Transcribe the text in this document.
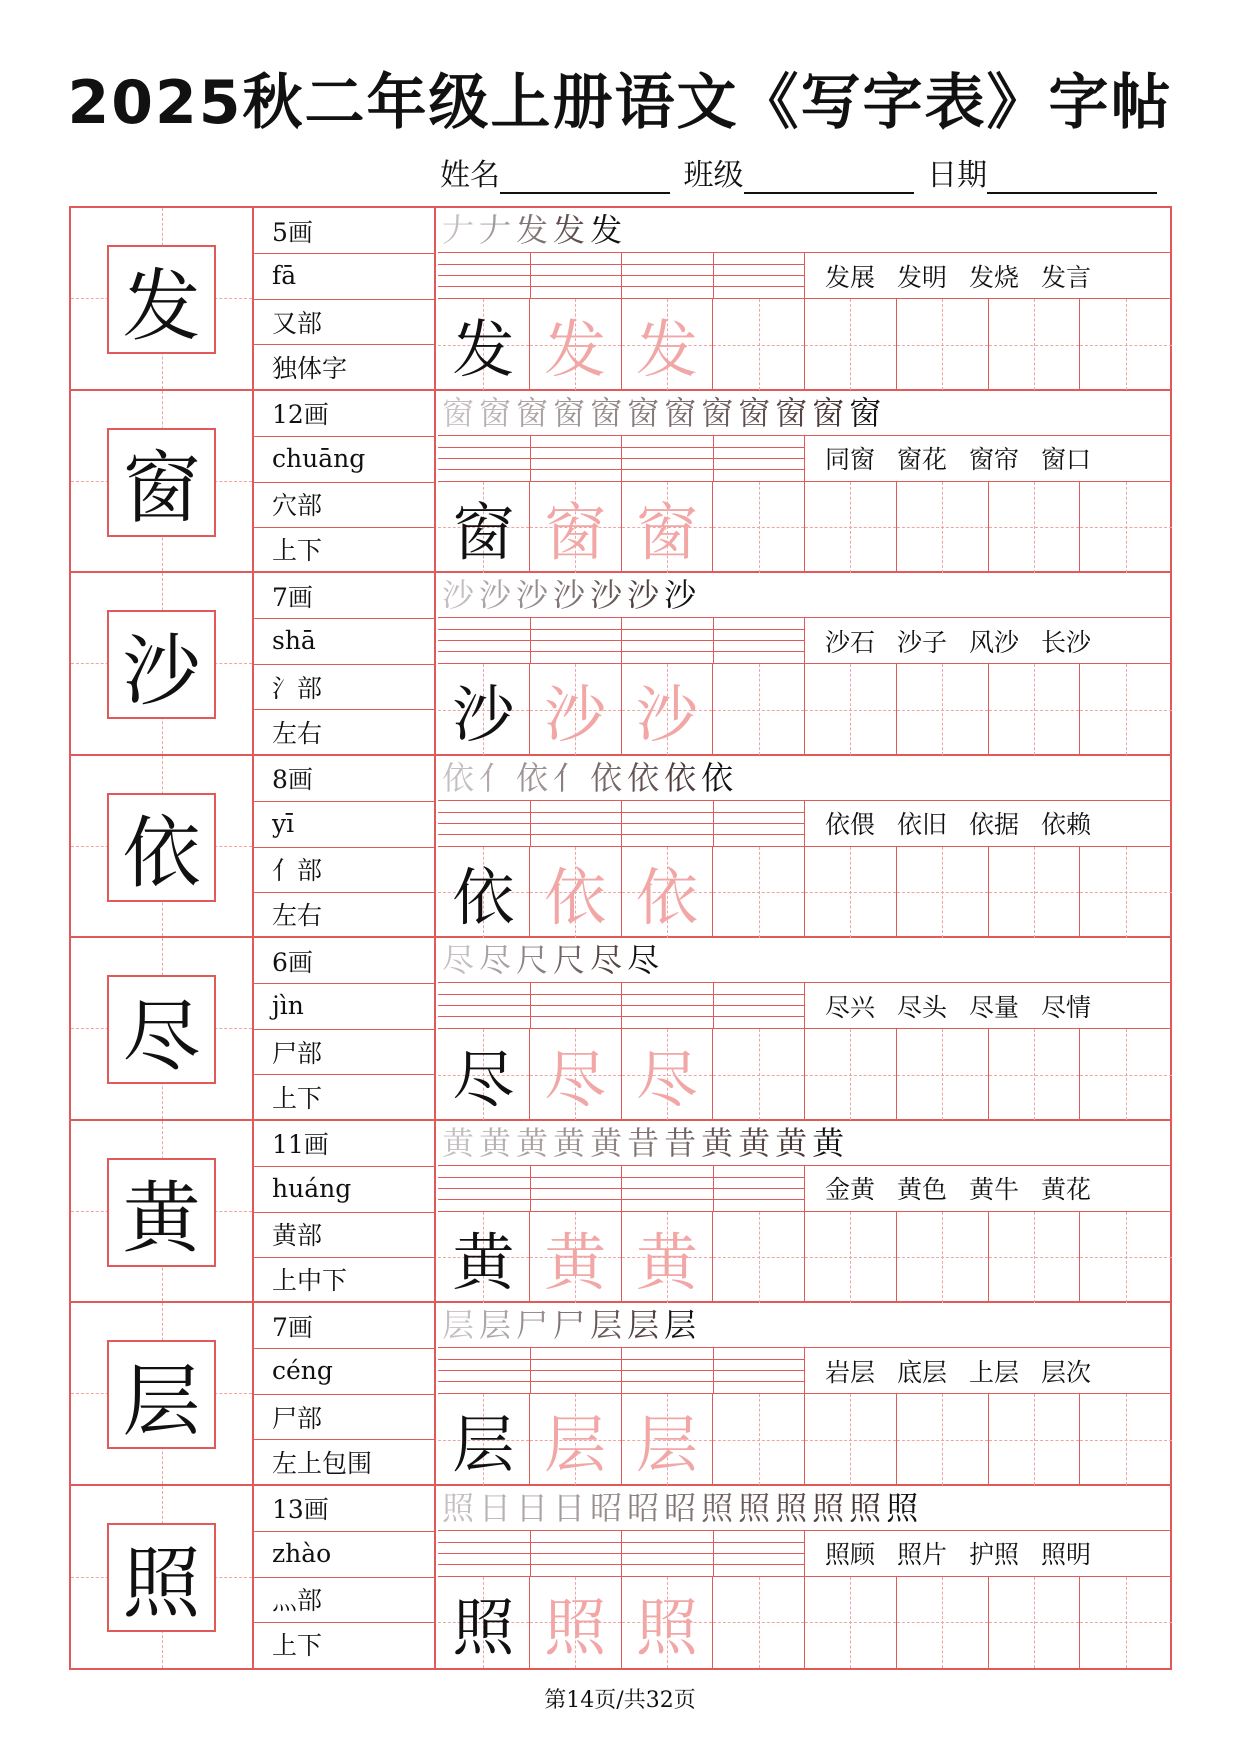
2025秋二年级上册语文《写字表》字帖
姓名	班级	日期
发
5画
fā
又部
独体字
𠂇𠂇发发发
发展 发明 发烧 发言
发 发 发
窗
12画
chuāng
穴部
上下
窗窗窗窗窗窗窗窗窗窗窗窗
同窗 窗花 窗帘 窗口
窗 窗 窗
沙
7画
shā
氵部
左右
沙沙沙沙沙沙沙
沙石 沙子 风沙 长沙
沙 沙 沙
依
8画
yī
亻部
左右
依亻依亻依依依依
依偎 依旧 依据 依赖
依 依 依
尽
6画
jìn
尸部
上下
尽尽尺尺尽尽
尽兴 尽头 尽量 尽情
尽 尽 尽
黄
11画
huáng
黄部
上中下
黄黄黄黄黄昔昔黄黄黄黄
金黄 黄色 黄牛 黄花
黄 黄 黄
层
7画
céng
尸部
左上包围
层层尸尸层层层
岩层 底层 上层 层次
层 层 层
照
13画
zhào
灬部
上下
照日日日昭昭昭照照照照照照
照顾 照片 护照 照明
照 照 照
第14页/共32页
